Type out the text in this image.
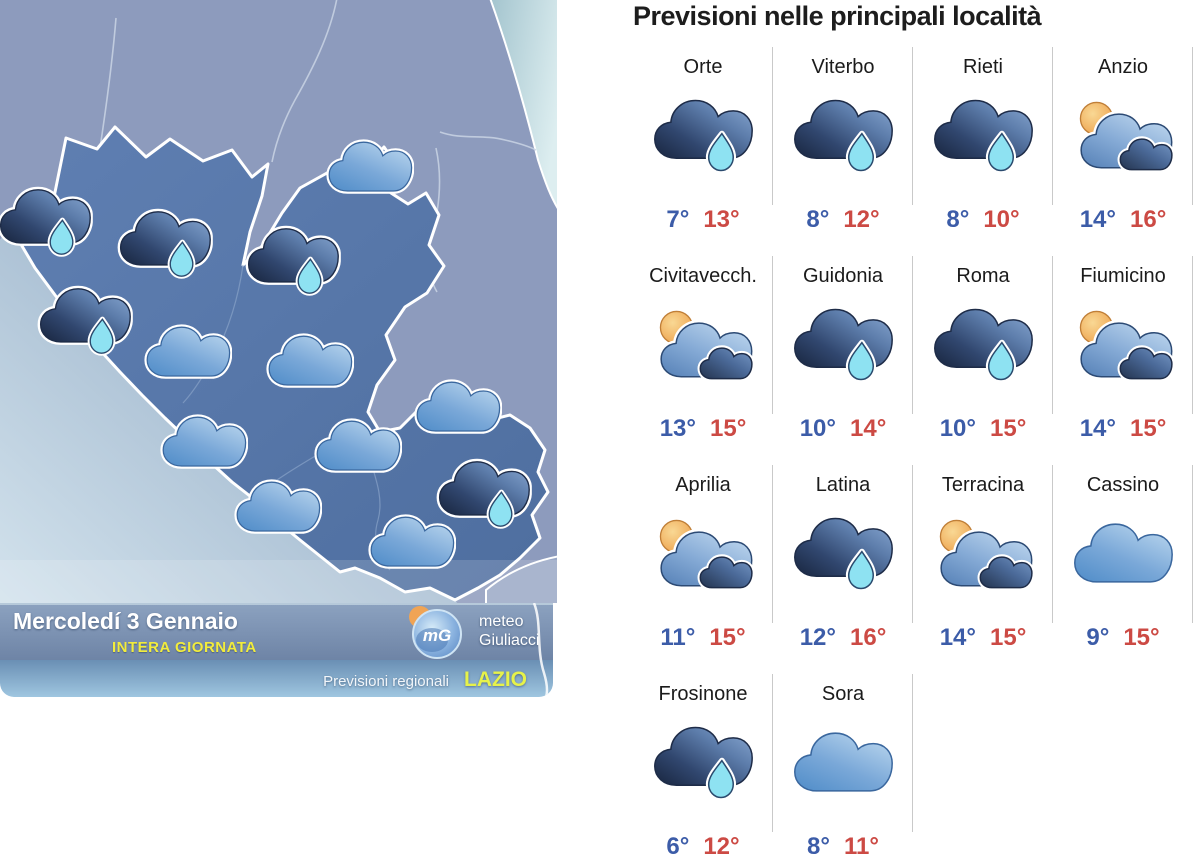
Mercoledí 3 Gennaio
INTERA GIORNATA
mG
meteo
Giuliacci
Previsioni regionali LAZIO
Previsioni nelle principali località
Orte
7° 13°
Viterbo
8° 12°
Rieti
8° 10°
Anzio
14° 16°
Civitavecch.
13° 15°
Guidonia
10° 14°
Roma
10° 15°
Fiumicino
14° 15°
Aprilia
11° 15°
Latina
12° 16°
Terracina
14° 15°
Cassino
9° 15°
Frosinone
6° 12°
Sora
8° 11°
